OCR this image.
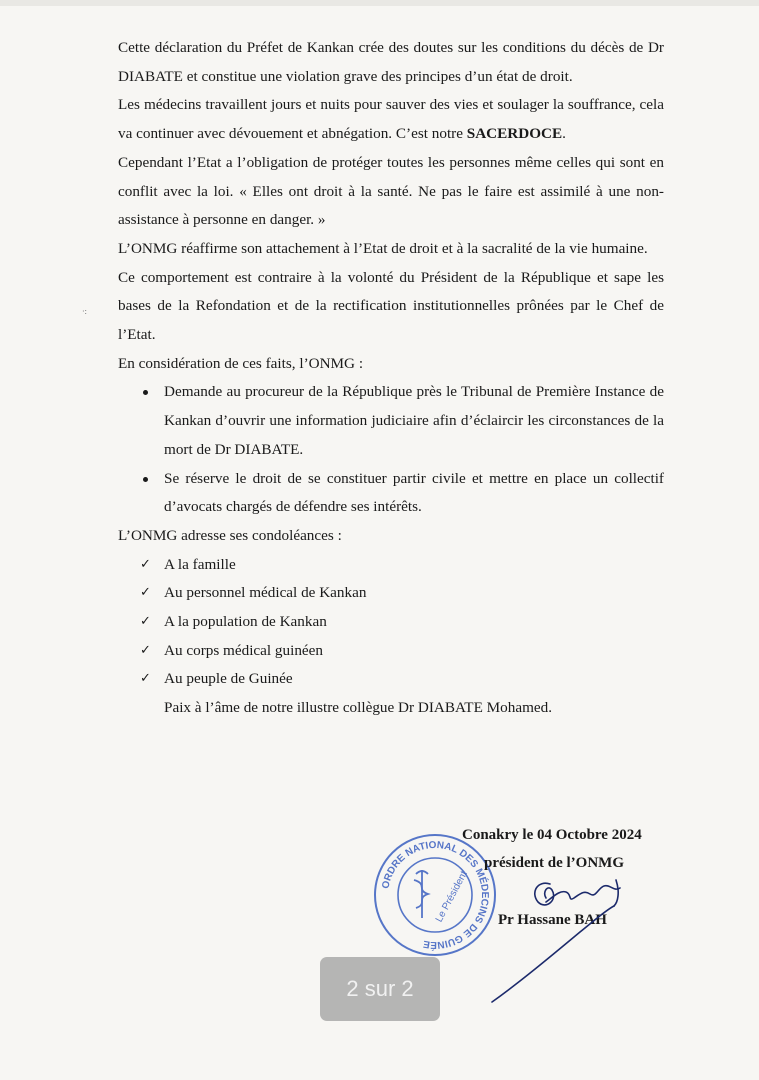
Cette déclaration du Préfet de Kankan crée des doutes sur les conditions du décès de Dr DIABATE et constitue une violation grave des principes d’un état de droit.

Les médecins travaillent jours et nuits pour sauver des vies et soulager la souffrance, cela va continuer avec dévouement et abnégation. C’est notre SACERDOCE.

Cependant l’Etat a l’obligation de protéger toutes les personnes même celles qui sont en conflit avec la loi. « Elles ont droit à la santé. Ne pas le faire est assimilé à une non-assistance à personne en danger. »

L’ONMG réaffirme son attachement à l’Etat de droit et à la sacralité de la vie humaine.

Ce comportement est contraire à la volonté du Président de la République et sape les bases de la Refondation et de la rectification institutionnelles prônées par le Chef de l’Etat.

En considération de ces faits, l’ONMG :

Demande au procureur de la République près le Tribunal de Première Instance de Kankan d’ouvrir une information judiciaire afin d’éclaircir les circonstances de la mort de Dr DIABATE.
Se réserve le droit de se constituer partir civile et mettre en place un collectif d’avocats chargés de défendre ses intérêts.

L’ONMG adresse ses condoléances :

✓ A la famille
✓ Au personnel médical de Kankan
✓ A la population de Kankan
✓ Au corps médical guinéen
✓ Au peuple de Guinée

Paix à l’âme de notre illustre collègue Dr DIABATE Mohamed.

·:
ORDRE NATIONAL DES MÉDECINS DE GUINÉE
Le Président
Conakry le 04 Octobre 2024
président de l’ONMG
Pr Hassane BAH
2 sur 2
